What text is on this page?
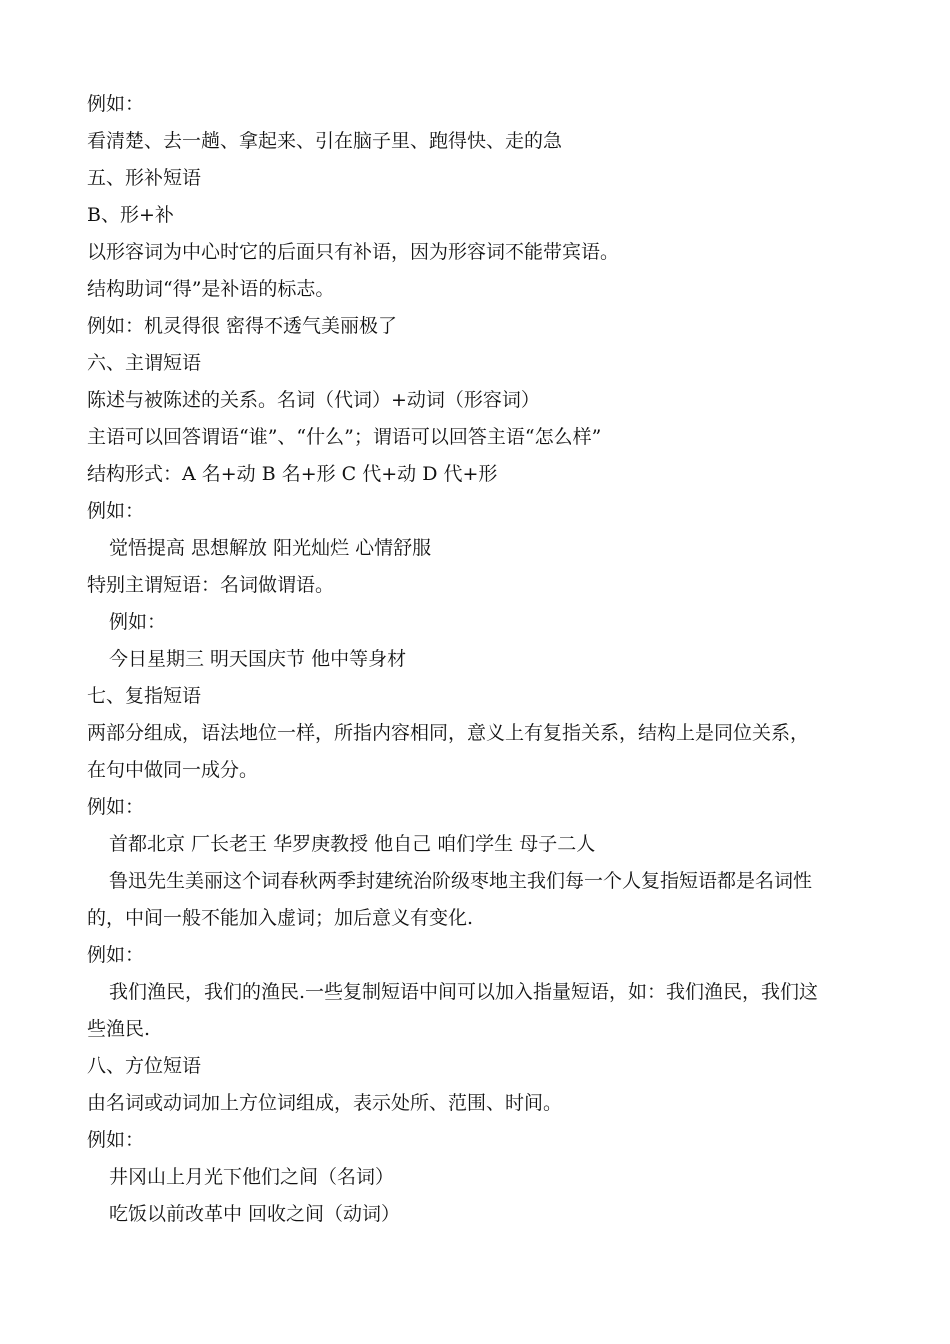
例如：

看清楚、去一趟、拿起来、引在脑子里、跑得快、走的急

五、形补短语

B、形+补

以形容词为中心时它的后面只有补语，因为形容词不能带宾语。

结构助词“得”是补语的标志。

例如：机灵得很 密得不透气美丽极了

六、主谓短语

陈述与被陈述的关系。名词（代词）+动词（形容词）

主语可以回答谓语“谁”、“什么”；谓语可以回答主语“怎么样”

结构形式：A 名+动 B 名+形 C 代+动 D 代+形

例如：

觉悟提高 思想解放 阳光灿烂 心情舒服

特别主谓短语：名词做谓语。

例如：

今日星期三 明天国庆节 他中等身材

七、复指短语

两部分组成，语法地位一样，所指内容相同，意义上有复指关系，结构上是同位关系，

在句中做同一成分。

例如：

首都北京 厂长老王 华罗庚教授 他自己 咱们学生 母子二人

鲁迅先生美丽这个词春秋两季封建统治阶级枣地主我们每一个人复指短语都是名词性

的，中间一般不能加入虚词；加后意义有变化.

例如：

我们渔民，我们的渔民.一些复制短语中间可以加入指量短语，如：我们渔民，我们这

些渔民.

八、方位短语

由名词或动词加上方位词组成，表示处所、范围、时间。

例如：

井冈山上月光下他们之间（名词）

吃饭以前改革中 回收之间（动词）
